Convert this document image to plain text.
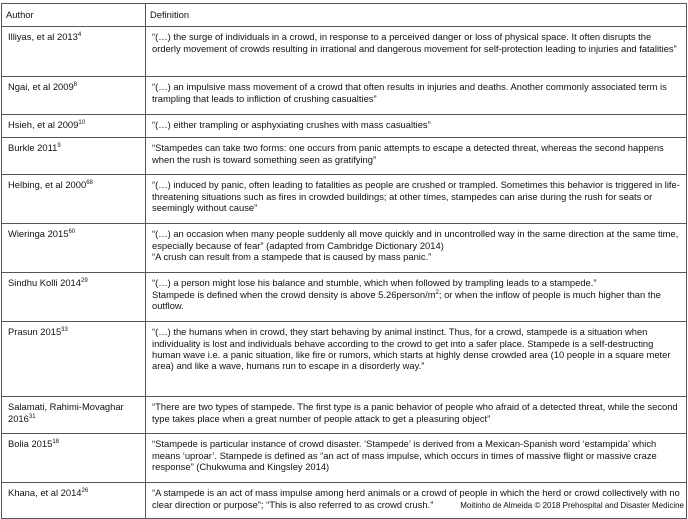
Author	Definition
Illiyas, et al 2013$^4$	“(…) the surge of individuals in a crowd, in response to a perceived danger or loss of physical space. It often disrupts the orderly movement of crowds resulting in irrational and dangerous movement for self-protection leading to injuries and fatalities”
Ngai, et al 2009$^8$	“(…) an impulsive mass movement of a crowd that often results in injuries and deaths. Another commonly associated term is trampling that leads to infliction of crushing casualties”
Hsieh, et al 2009$^{10}$	“(…) either trampling or asphyxiating crushes with mass casualties”
Burkle 2011$^9$	“Stampedes can take two forms: one occurs from panic attempts to escape a detected threat, whereas the second happens when the rush is toward something seen as gratifying”
Helbing, et al 2000$^{68}$	“(…) induced by panic, often leading to fatalities as people are crushed or trampled. Sometimes this behavior is triggered in life-threatening situations such as fires in crowded buildings; at other times, stampedes can arise during the rush for seats or seemingly without cause”
Wieringa 2015$^{60}$	“(…) an occasion when many people suddenly all move quickly and in uncontrolled way in the same direction at the same time, especially because of fear” (adapted from Cambridge Dictionary 2014)
“A crush can result from a stampede that is caused by mass panic.”
Sindhu Kolli 2014$^{29}$	“(…) a person might lose his balance and stumble, which when followed by trampling leads to a stampede.”
Stampede is defined when the crowd density is above $5.26person/m^2$; or when the inflow of people is much higher than the outflow.
Prasun 2015$^{33}$	“(…) the humans when in crowd, they start behaving by animal instinct. Thus, for a crowd, stampede is a situation when individuality is lost and individuals behave according to the crowd to get into a safer place. Stampede is a self-destructing human wave i.e. a panic situation, like fire or rumors, which starts at highly dense crowded area (10 people in a square meter area) and like a wave, humans run to escape in a disorderly way.”
Salamati, Rahimi-Movaghar 2016$^{31}$	“There are two types of stampede. The first type is a panic behavior of people who afraid of a detected threat, while the second type takes place when a great number of people attack to get a pleasuring object”
Bolia 2015$^{18}$	“Stampede is particular instance of crowd disaster. ‘Stampede’ is derived from a Mexican-Spanish word ‘estampida’ which means ‘uproar’. Stampede is defined as “an act of mass impulse, which occurs in times of massive flight or massive craze response” (Chukwuma and Kingsley 2014)
Khana, et al 2014$^{26}$	“A stampede is an act of mass impulse among herd animals or a crowd of people in which the herd or crowd collectively with no clear direction or purpose”; “This is also referred to as crowd crush.”	Moitinho de Almeida © 2018 Prehospital and Disaster Medicine
